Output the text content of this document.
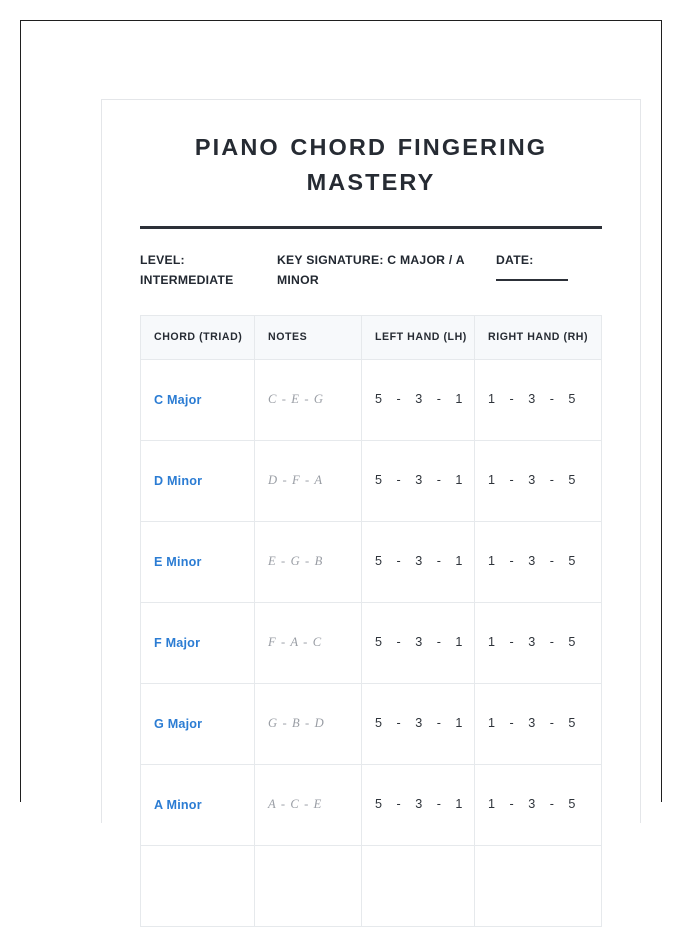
PIANO CHORD FINGERING MASTERY
LEVEL: INTERMEDIATE
KEY SIGNATURE: C MAJOR / A MINOR
DATE:
CHORD (TRIAD)	NOTES	LEFT HAND (LH)	RIGHT HAND (RH)
C Major	C - E - G	5 - 3 - 1	1 - 3 - 5
D Minor	D - F - A	5 - 3 - 1	1 - 3 - 5
E Minor	E - G - B	5 - 3 - 1	1 - 3 - 5
F Major	F - A - C	5 - 3 - 1	1 - 3 - 5
G Major	G - B - D	5 - 3 - 1	1 - 3 - 5
A Minor	A - C - E	5 - 3 - 1	1 - 3 - 5
